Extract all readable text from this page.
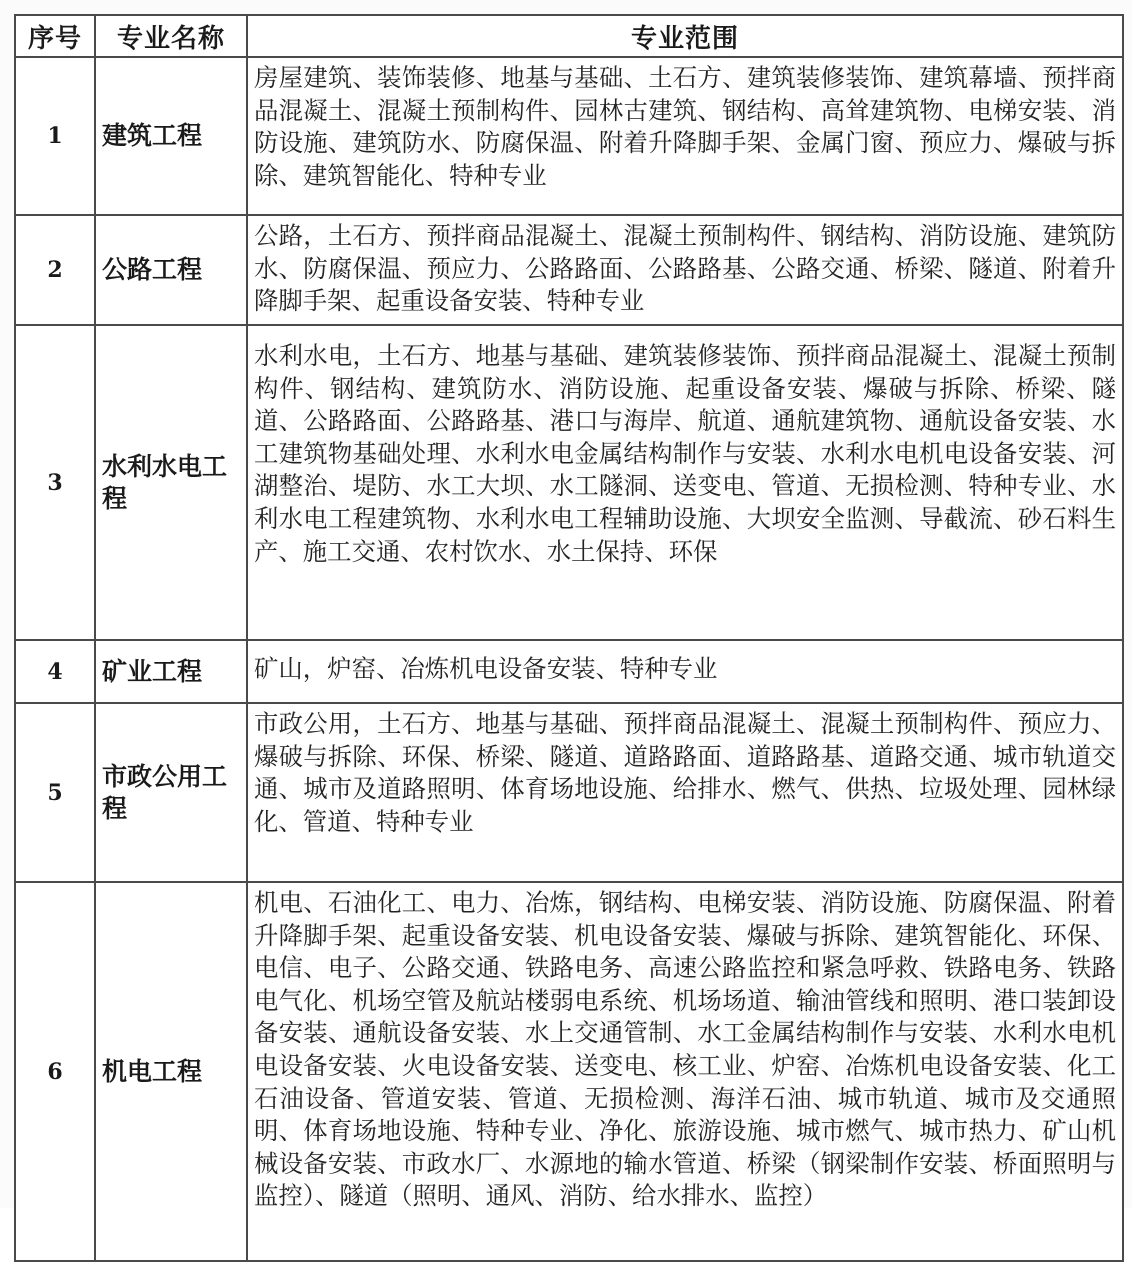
序号	专业名称	专业范围
1	建筑工程	房屋建筑、装饰装修、地基与基础、土石方、建筑装修装饰、建筑幕墙、预拌商品混凝土、混凝土预制构件、园林古建筑、钢结构、高耸建筑物、电梯安装、消防设施、建筑防水、防腐保温、附着升降脚手架、金属门窗、预应力、爆破与拆除、建筑智能化、特种专业
2	公路工程	公路，土石方、预拌商品混凝土、混凝土预制构件、钢结构、消防设施、建筑防水、防腐保温、预应力、公路路面、公路路基、公路交通、桥梁、隧道、附着升降脚手架、起重设备安装、特种专业
3	水利水电工程	水利水电，土石方、地基与基础、建筑装修装饰、预拌商品混凝土、混凝土预制构件、钢结构、建筑防水、消防设施、起重设备安装、爆破与拆除、桥梁、隧道、公路路面、公路路基、港口与海岸、航道、通航建筑物、通航设备安装、水工建筑物基础处理、水利水电金属结构制作与安装、水利水电机电设备安装、河湖整治、堤防、水工大坝、水工隧洞、送变电、管道、无损检测、特种专业、水利水电工程建筑物、水利水电工程辅助设施、大坝安全监测、导截流、砂石料生产、施工交通、农村饮水、水土保持、环保
4	矿业工程	矿山，炉窑、冶炼机电设备安装、特种专业
5	市政公用工程	市政公用，土石方、地基与基础、预拌商品混凝土、混凝土预制构件、预应力、爆破与拆除、环保、桥梁、隧道、道路路面、道路路基、道路交通、城市轨道交通、城市及道路照明、体育场地设施、给排水、燃气、供热、垃圾处理、园林绿化、管道、特种专业
6	机电工程	机电、石油化工、电力、冶炼，钢结构、电梯安装、消防设施、防腐保温、附着升降脚手架、起重设备安装、机电设备安装、爆破与拆除、建筑智能化、环保、电信、电子、公路交通、铁路电务、高速公路监控和紧急呼救、铁路电务、铁路电气化、机场空管及航站楼弱电系统、机场场道、输油管线和照明、港口装卸设备安装、通航设备安装、水上交通管制、水工金属结构制作与安装、水利水电机电设备安装、火电设备安装、送变电、核工业、炉窑、冶炼机电设备安装、化工石油设备、管道安装、管道、无损检测、海洋石油、城市轨道、城市及交通照明、体育场地设施、特种专业、净化、旅游设施、城市燃气、城市热力、矿山机械设备安装、市政水厂、水源地的输水管道、桥梁（钢梁制作安装、桥面照明与监控）、隧道（照明、通风、消防、给水排水、监控）
